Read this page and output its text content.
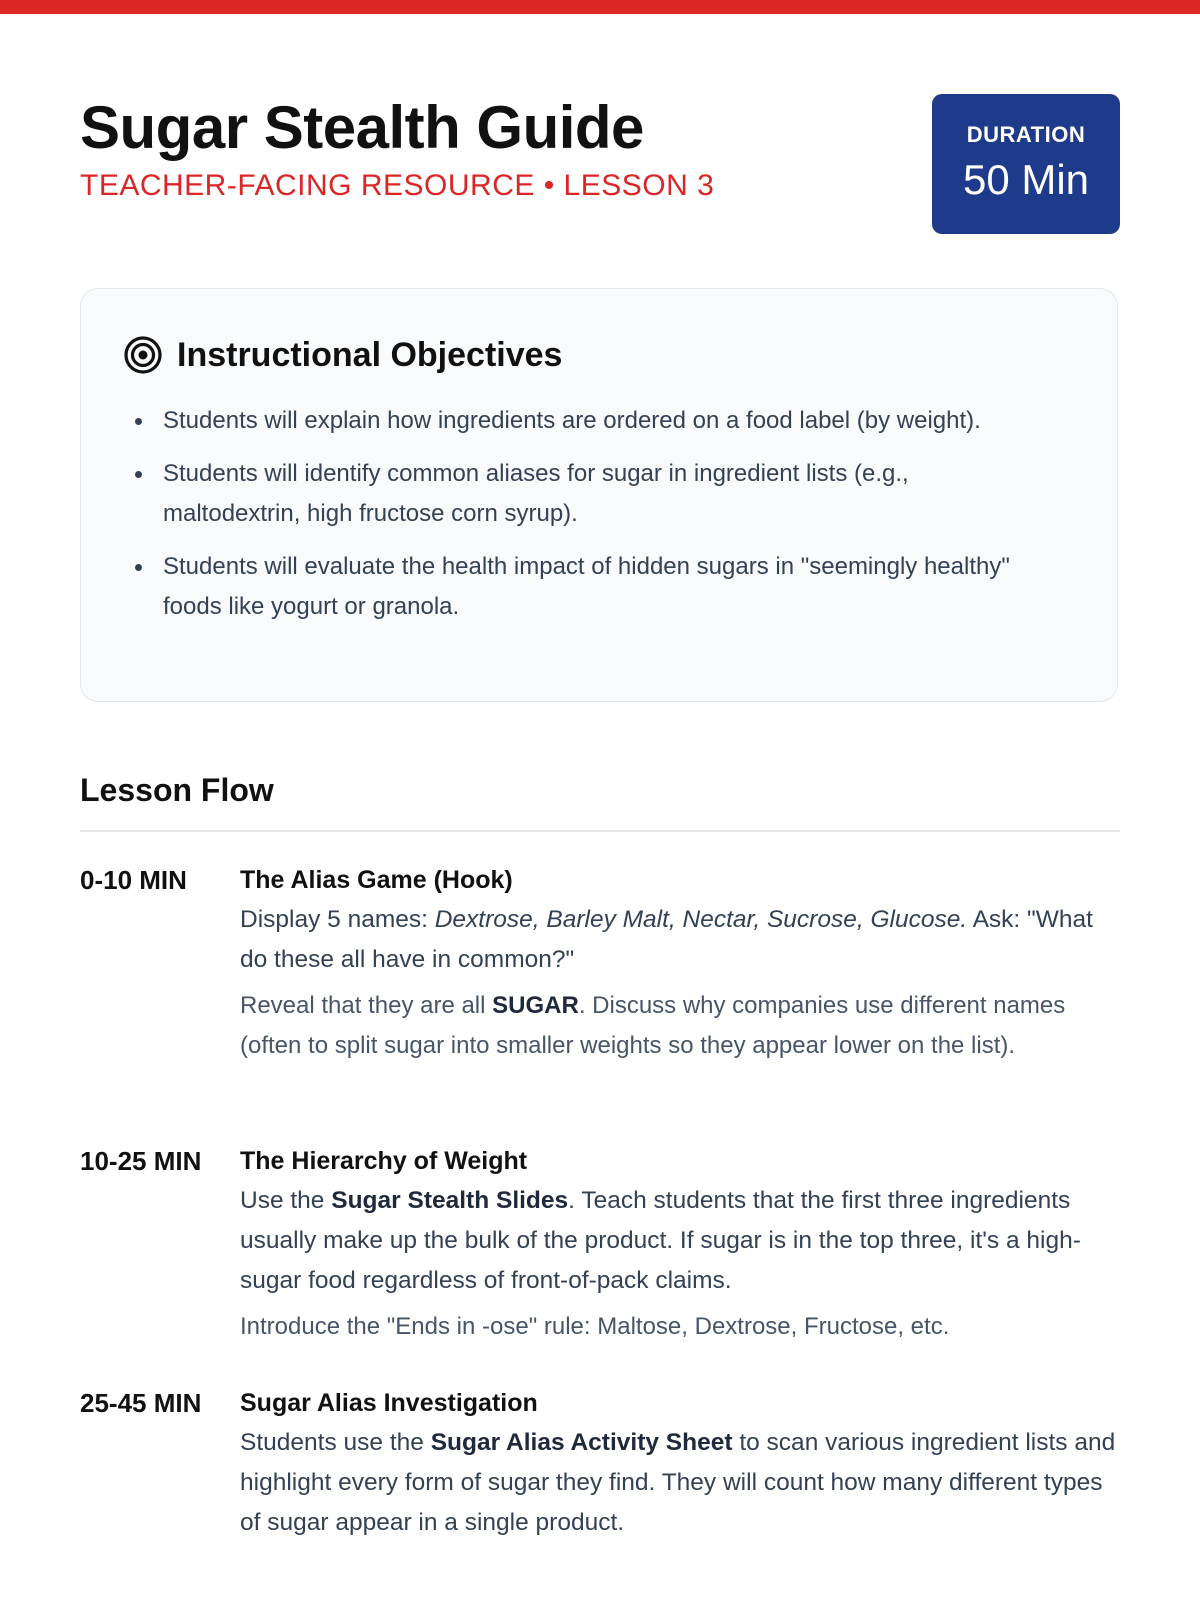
Sugar Stealth Guide
TEACHER-FACING RESOURCE • LESSON 3
DURATION
50 Min
Instructional Objectives
Students will explain how ingredients are ordered on a food label (by weight).
Students will identify common aliases for sugar in ingredient lists (e.g., maltodextrin, high fructose corn syrup).
Students will evaluate the health impact of hidden sugars in "seemingly healthy" foods like yogurt or granola.
Lesson Flow
0-10 MIN	The Alias Game (Hook)

Display 5 names: Dextrose, Barley Malt, Nectar, Sucrose, Glucose. Ask: "What do these all have in common?"

Reveal that they are all SUGAR. Discuss why companies use different names (often to split sugar into smaller weights so they appear lower on the list).

10-25 MIN	The Hierarchy of Weight

Use the Sugar Stealth Slides. Teach students that the first three ingredients usually make up the bulk of the product. If sugar is in the top three, it's a high-sugar food regardless of front-of-pack claims.

Introduce the "Ends in -ose" rule: Maltose, Dextrose, Fructose, etc.

25-45 MIN	Sugar Alias Investigation

Students use the Sugar Alias Activity Sheet to scan various ingredient lists and highlight every form of sugar they find. They will count how many different types of sugar appear in a single product.
